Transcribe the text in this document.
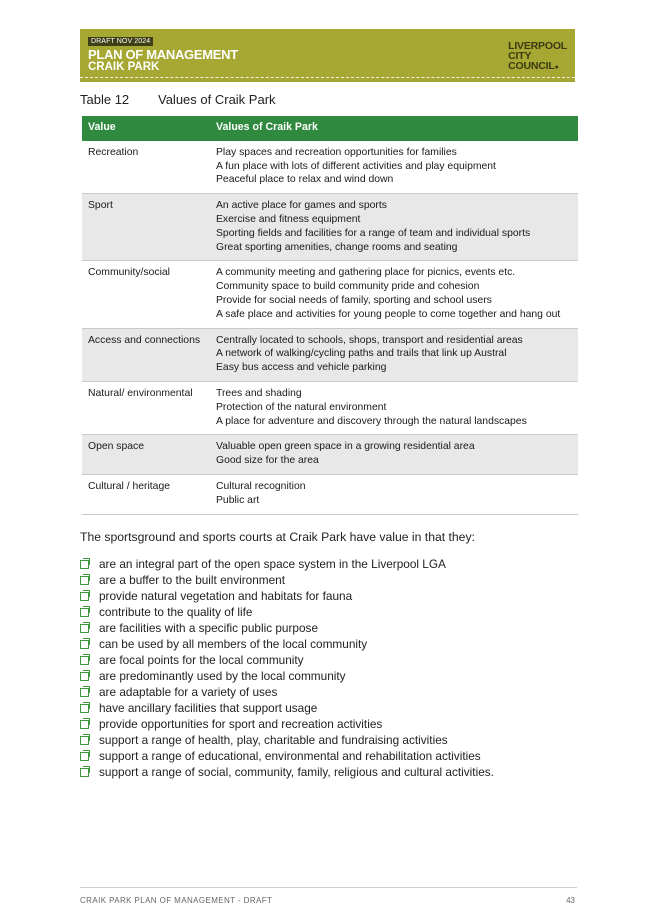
DRAFT NOV 2024
PLAN OF MANAGEMENT
CRAIK PARK
LIVERPOOL
CITY
COUNCIL●
Table 12 Values of Craik Park
Value	Values of Craik Park
Recreation	Play spaces and recreation opportunities for families
A fun place with lots of different activities and play equipment
Peaceful place to relax and wind down

Sport	An active place for games and sports
Exercise and fitness equipment
Sporting fields and facilities for a range of team and individual sports
Great sporting amenities, change rooms and seating

Community/social	A community meeting and gathering place for picnics, events etc.
Community space to build community pride and cohesion
Provide for social needs of family, sporting and school users
A safe place and activities for young people to come together and hang out

Access and connections	Centrally located to schools, shops, transport and residential areas
A network of walking/cycling paths and trails that link up Austral
Easy bus access and vehicle parking

Natural/ environmental	Trees and shading
Protection of the natural environment
A place for adventure and discovery through the natural landscapes

Open space	Valuable open green space in a growing residential area
Good size for the area

Cultural / heritage	Cultural recognition
Public art
The sportsground and sports courts at Craik Park have value in that they:
are an integral part of the open space system in the Liverpool LGA
are a buffer to the built environment
provide natural vegetation and habitats for fauna
contribute to the quality of life
are facilities with a specific public purpose
can be used by all members of the local community
are focal points for the local community
are predominantly used by the local community
are adaptable for a variety of uses
have ancillary facilities that support usage
provide opportunities for sport and recreation activities
support a range of health, play, charitable and fundraising activities
support a range of educational, environmental and rehabilitation activities
support a range of social, community, family, religious and cultural activities.
CRAIK PARK PLAN OF MANAGEMENT - DRAFT	43
